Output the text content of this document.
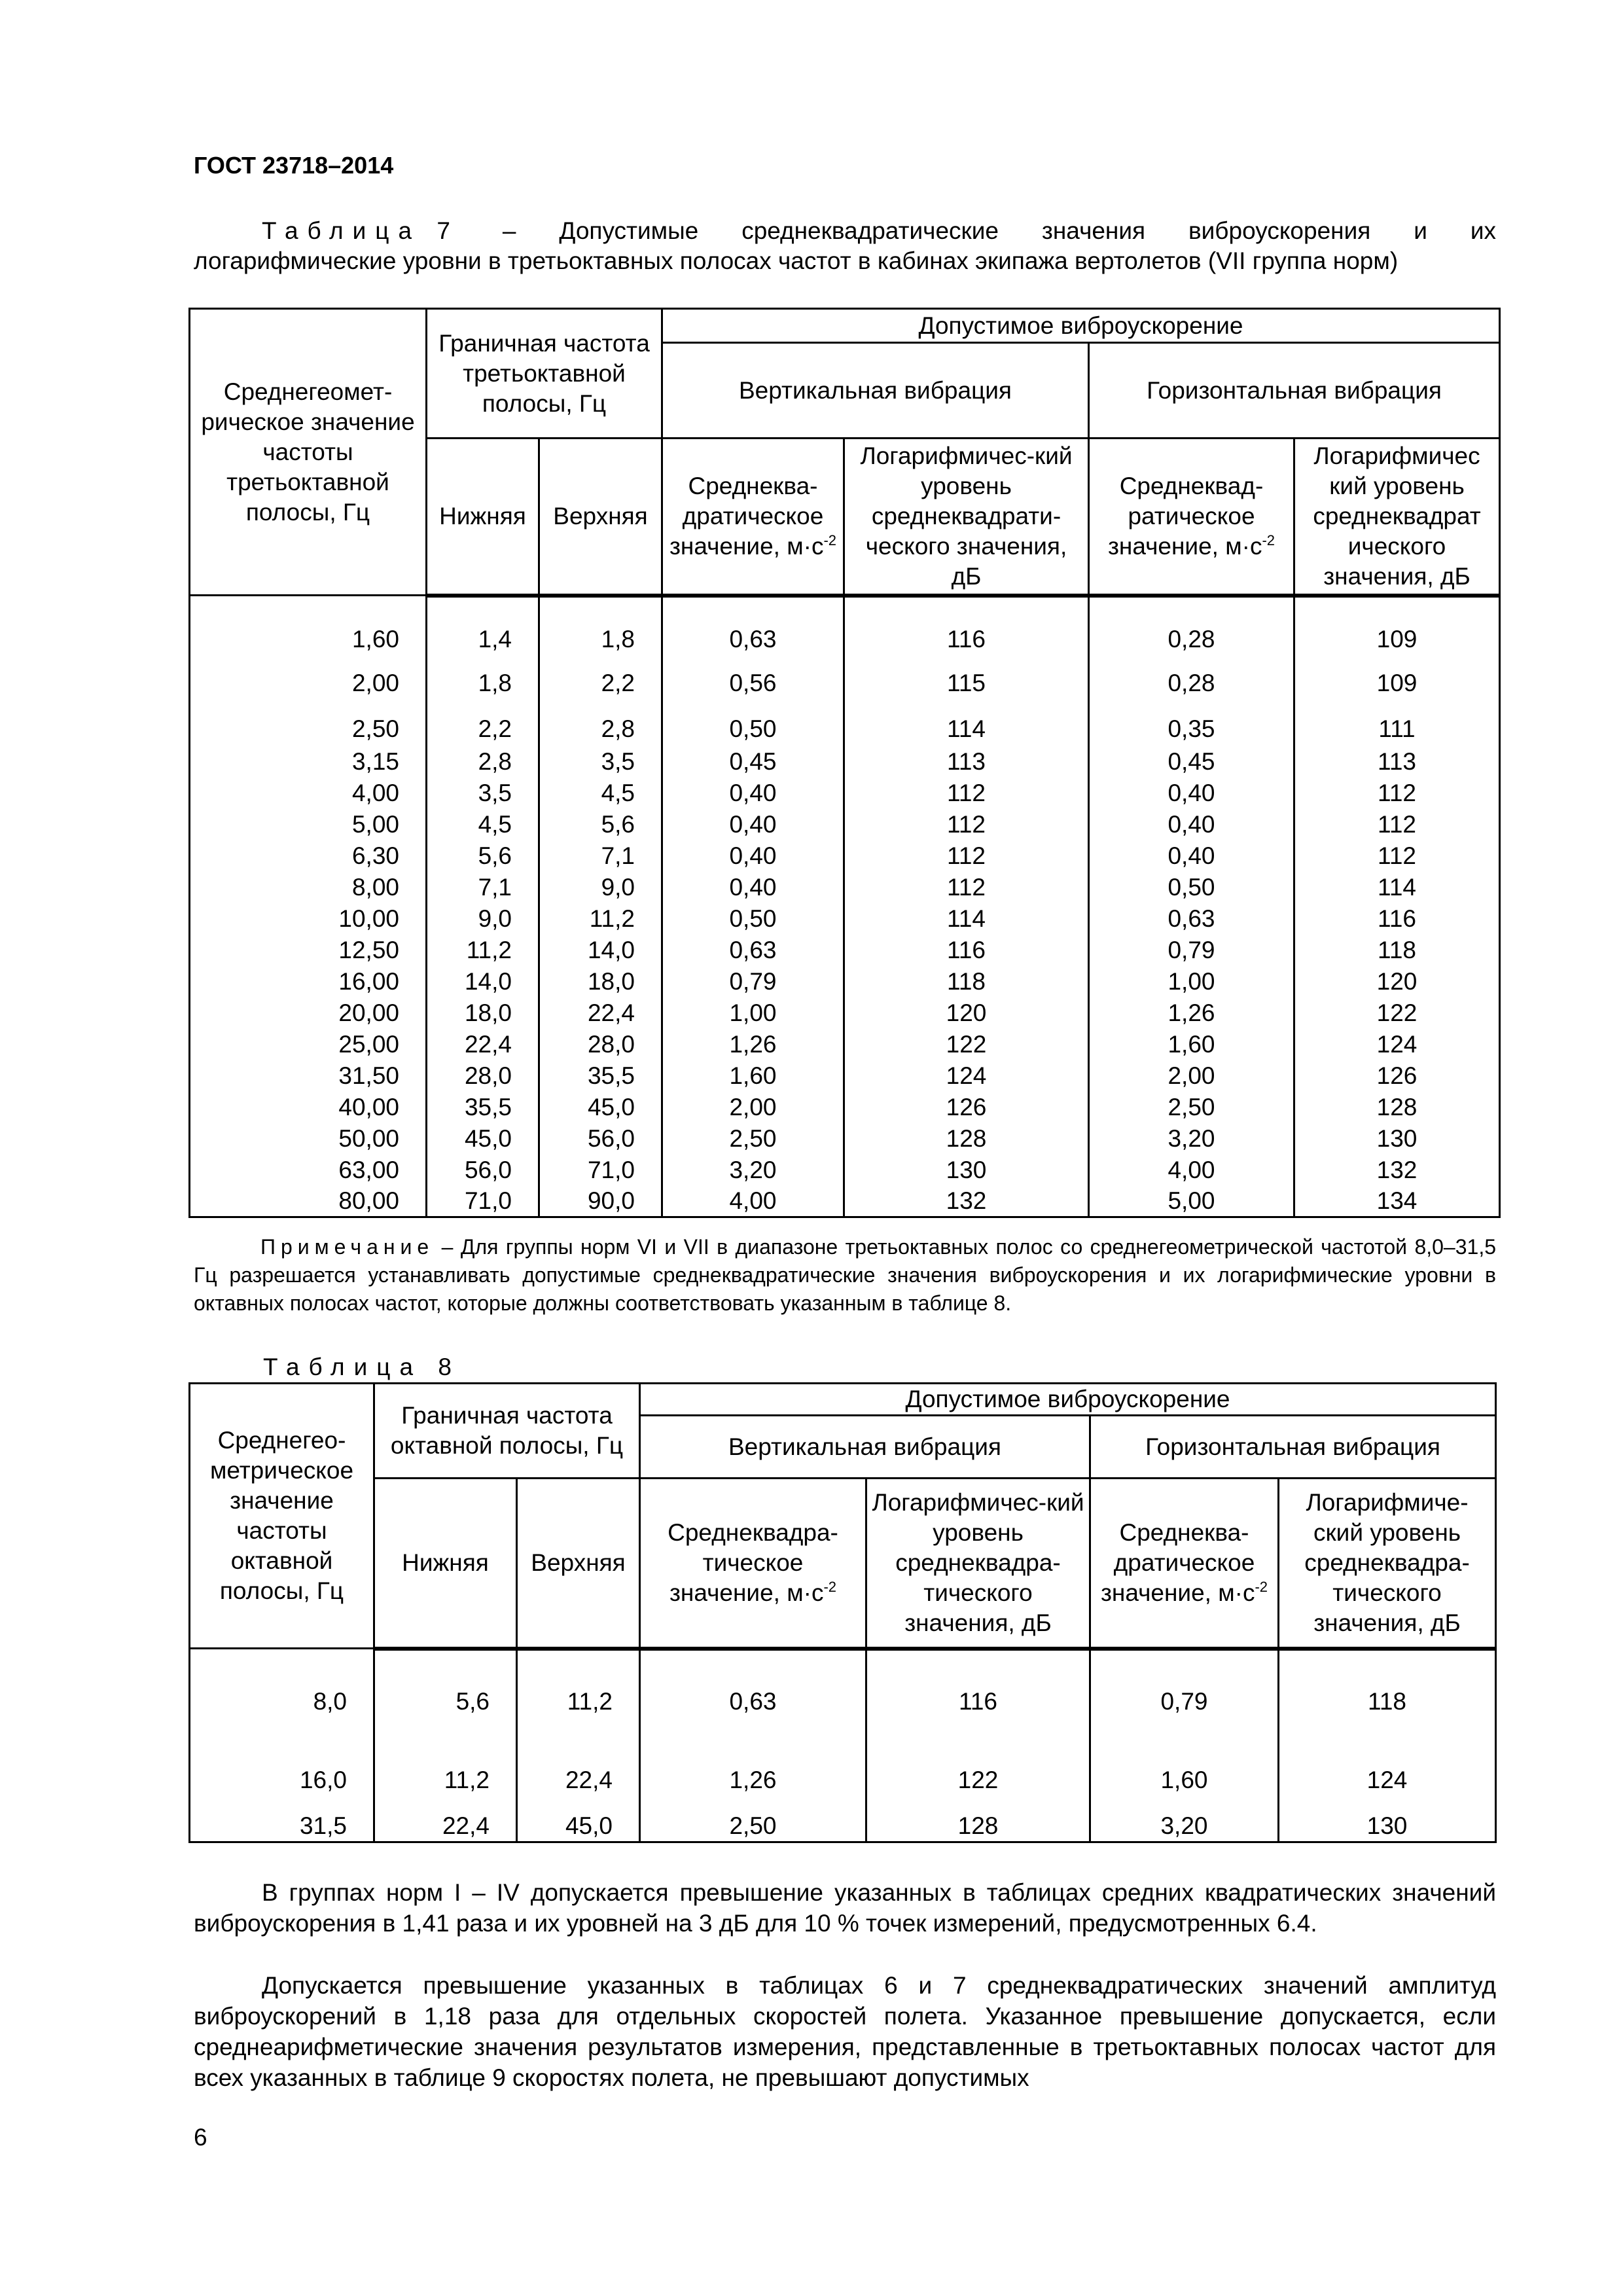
ГОСТ 23718–2014
Таблица 7 – Допустимые среднеквадратические значения виброускорения и их
логарифмические уровни в третьоктавных полосах частот в кабинах экипажа вертолетов (VII группа норм)
Среднегеомет-рическое значение частоты третьоктавной полосы, Гц	Граничная частота третьоктавной полосы, Гц		Допустимое виброускорение			
			Вертикальная вибрация		Горизонтальная вибрация	
	Нижняя	Верхняя	Среднеква-дратическое значение, $м\cdot с^{-2}$	Логарифмичес-кий уровень среднеквадрати-ческого значения, дБ	Среднеквад-ратическое значение, $м\cdot с^{-2}$	Логарифмичес кий уровень среднеквадрат ического значения, дБ
1,60	1,4	1,8	0,63	116	0,28	109
2,00	1,8	2,2	0,56	115	0,28	109
2,50	2,2	2,8	0,50	114	0,35	111
3,15	2,8	3,5	0,45	113	0,45	113
4,00	3,5	4,5	0,40	112	0,40	112
5,00	4,5	5,6	0,40	112	0,40	112
6,30	5,6	7,1	0,40	112	0,40	112
8,00	7,1	9,0	0,40	112	0,50	114
10,00	9,0	11,2	0,50	114	0,63	116
12,50	11,2	14,0	0,63	116	0,79	118
16,00	14,0	18,0	0,79	118	1,00	120
20,00	18,0	22,4	1,00	120	1,26	122
25,00	22,4	28,0	1,26	122	1,60	124
31,50	28,0	35,5	1,60	124	2,00	126
40,00	35,5	45,0	2,00	126	2,50	128
50,00	45,0	56,0	2,50	128	3,20	130
63,00	56,0	71,0	3,20	130	4,00	132
80,00	71,0	90,0	4,00	132	5,00	134
Примечание – Для группы норм VI и VII в диапазоне третьоктавных полос со среднегеометрической частотой 8,0–31,5 Гц разрешается устанавливать допустимые среднеквадратические значения виброускорения и их логарифмические уровни в октавных полосах частот, которые должны соответствовать указанным в таблице 8.
Таблица 8
Среднегео-метрическое значение частоты октавной полосы, Гц	Граничная частота октавной полосы, Гц		Допустимое виброускорение			
			Вертикальная вибрация		Горизонтальная вибрация	
	Нижняя	Верхняя	Среднеквадра-тическое значение, $м\cdot с^{-2}$	Логарифмичес-кий уровень среднеквадра-тического значения, дБ	Среднеква-дратическое значение, $м\cdot с^{-2}$	Логарифмиче-ский уровень среднеквадра-тического значения, дБ
8,0	5,6	11,2	0,63	116	0,79	118
16,0	11,2	22,4	1,26	122	1,60	124
31,5	22,4	45,0	2,50	128	3,20	130
В группах норм I – IV допускается превышение указанных в таблицах средних квадратических значений виброускорения в 1,41 раза и их уровней на 3 дБ для 10 % точек измерений, предусмотренных 6.4.
Допускается превышение указанных в таблицах 6 и 7 среднеквадратических значений амплитуд виброускорений в 1,18 раза для отдельных скоростей полета. Указанное превышение допускается, если среднеарифметические значения результатов измерения, представленные в третьоктавных полосах частот для всех указанных в таблице 9 скоростях полета, не превышают допустимых
6
